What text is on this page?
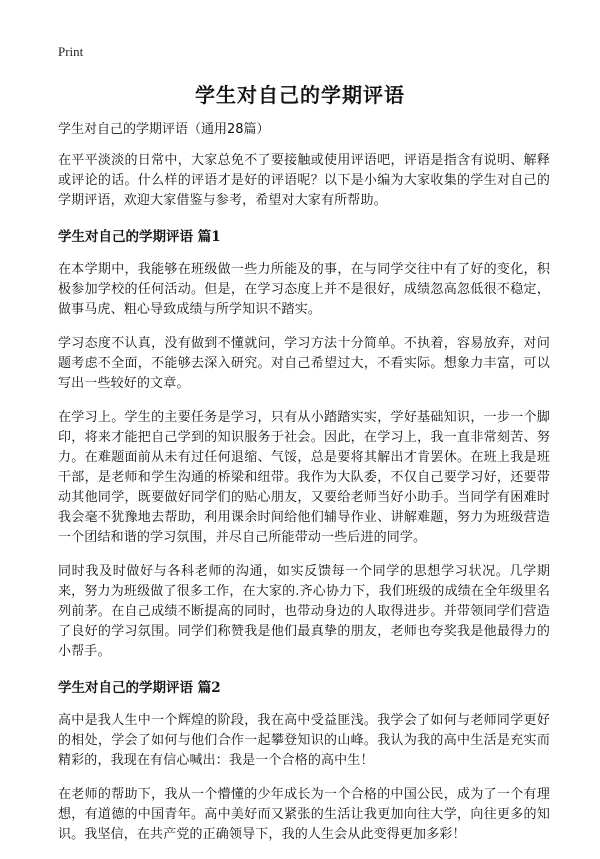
Print
学生对自己的学期评语
学生对自己的学期评语（通用28篇）

在平平淡淡的日常中，大家总免不了要接触或使用评语吧，评语是指含有说明、解释或评论的话。什么样的评语才是好的评语呢？以下是小编为大家收集的学生对自己的学期评语，欢迎大家借鉴与参考，希望对大家有所帮助。

学生对自己的学期评语 篇1

在本学期中，我能够在班级做一些力所能及的事，在与同学交往中有了好的变化，积极参加学校的任何活动。但是，在学习态度上并不是很好，成绩忽高忽低很不稳定，做事马虎、粗心导致成绩与所学知识不踏实。

学习态度不认真，没有做到不懂就问，学习方法十分简单。不执着，容易放弃，对问题考虑不全面，不能够去深入研究。对自己希望过大，不看实际。想象力丰富，可以写出一些较好的文章。

在学习上。学生的主要任务是学习，只有从小踏踏实实，学好基础知识，一步一个脚印，将来才能把自己学到的知识服务于社会。因此，在学习上，我一直非常刻苦、努力。在难题面前从未有过任何退缩、气馁，总是要将其解出才肯罢休。在班上我是班干部，是老师和学生沟通的桥梁和纽带。我作为大队委，不仅自己要学习好，还要带动其他同学，既要做好同学们的贴心朋友，又要给老师当好小助手。当同学有困难时我会毫不犹豫地去帮助，利用课余时间给他们辅导作业、讲解难题，努力为班级营造一个团结和谐的学习氛围，并尽自己所能带动一些后进的同学。

同时我及时做好与各科老师的沟通，如实反馈每一个同学的思想学习状况。几学期来，努力为班级做了很多工作，在大家的.齐心协力下，我们班级的成绩在全年级里名列前茅。在自己成绩不断提高的同时，也带动身边的人取得进步。并带领同学们营造了良好的学习氛围。同学们称赞我是他们最真挚的朋友，老师也夸奖我是他最得力的小帮手。

学生对自己的学期评语 篇2

高中是我人生中一个辉煌的阶段，我在高中受益匪浅。我学会了如何与老师同学更好的相处，学会了如何与他们合作一起攀登知识的山峰。我认为我的高中生活是充实而精彩的，我现在有信心喊出：我是一个合格的高中生！

在老师的帮助下，我从一个懵懂的少年成长为一个合格的中国公民，成为了一个有理想，有道德的中国青年。高中美好而又紧张的生活让我更加向往大学，向往更多的知识。我坚信，在共产党的正确领导下，我的人生会从此变得更加多彩！
